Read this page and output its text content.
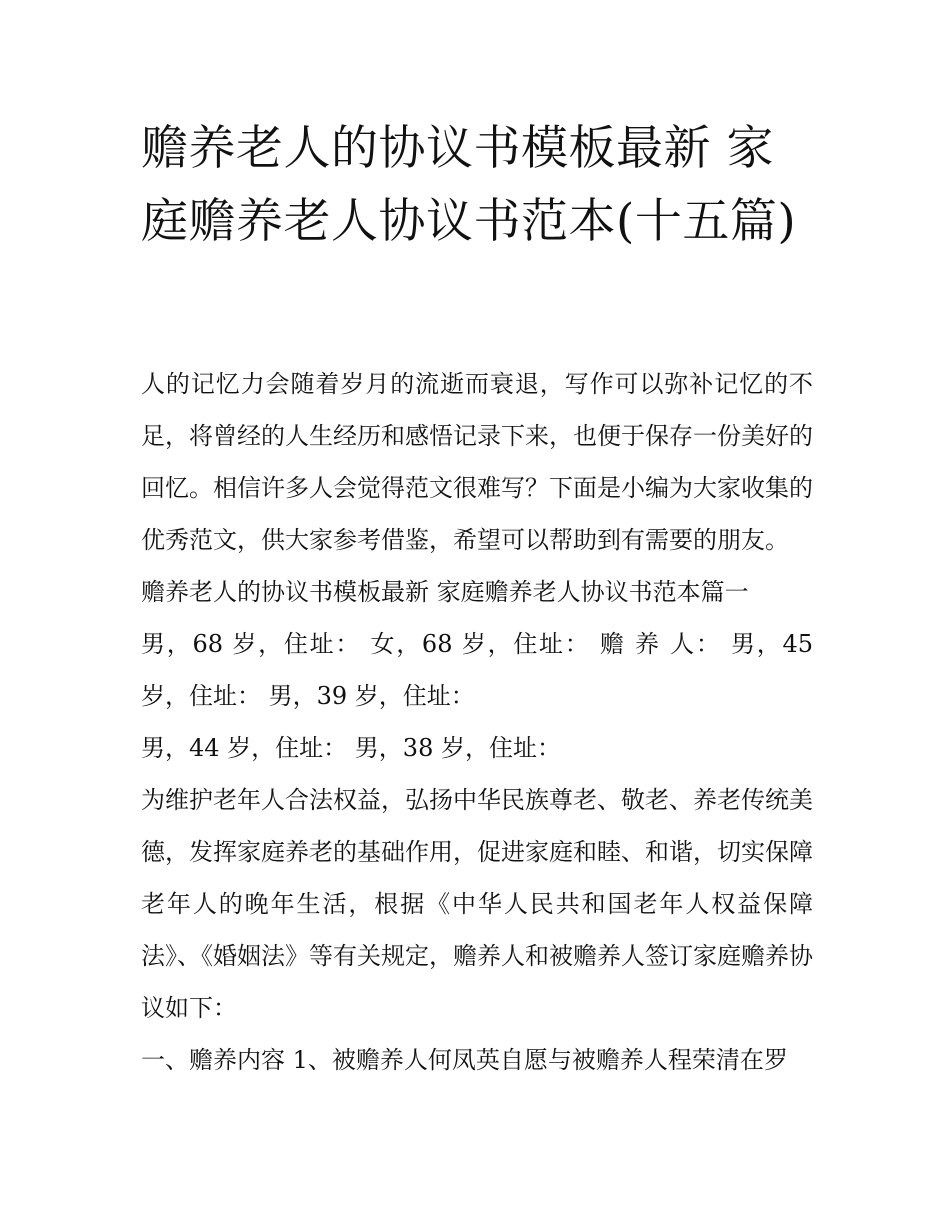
赡养老人的协议书模板最新 家庭赡养老人协议书范本(十五篇)

人的记忆力会随着岁月的流逝而衰退，写作可以弥补记忆的不足，将曾经的人生经历和感悟记录下来，也便于保存一份美好的回忆。相信许多人会觉得范文很难写？下面是小编为大家收集的优秀范文，供大家参考借鉴，希望可以帮助到有需要的朋友。

赡养老人的协议书模板最新 家庭赡养老人协议书范本篇一

男，68 岁，住址： 女，68 岁，住址： 赡 养 人： 男，45 岁，住址： 男，39 岁，住址：

男，44 岁，住址： 男，38 岁，住址：

为维护老年人合法权益，弘扬中华民族尊老、敬老、养老传统美德，发挥家庭养老的基础作用，促进家庭和睦、和谐，切实保障老年人的晚年生活，根据《中华人民共和国老年人权益保障法》、《婚姻法》等有关规定，赡养人和被赡养人签订家庭赡养协议如下：

一、赡养内容 1、被赡养人何凤英自愿与被赡养人程荣清在罗
